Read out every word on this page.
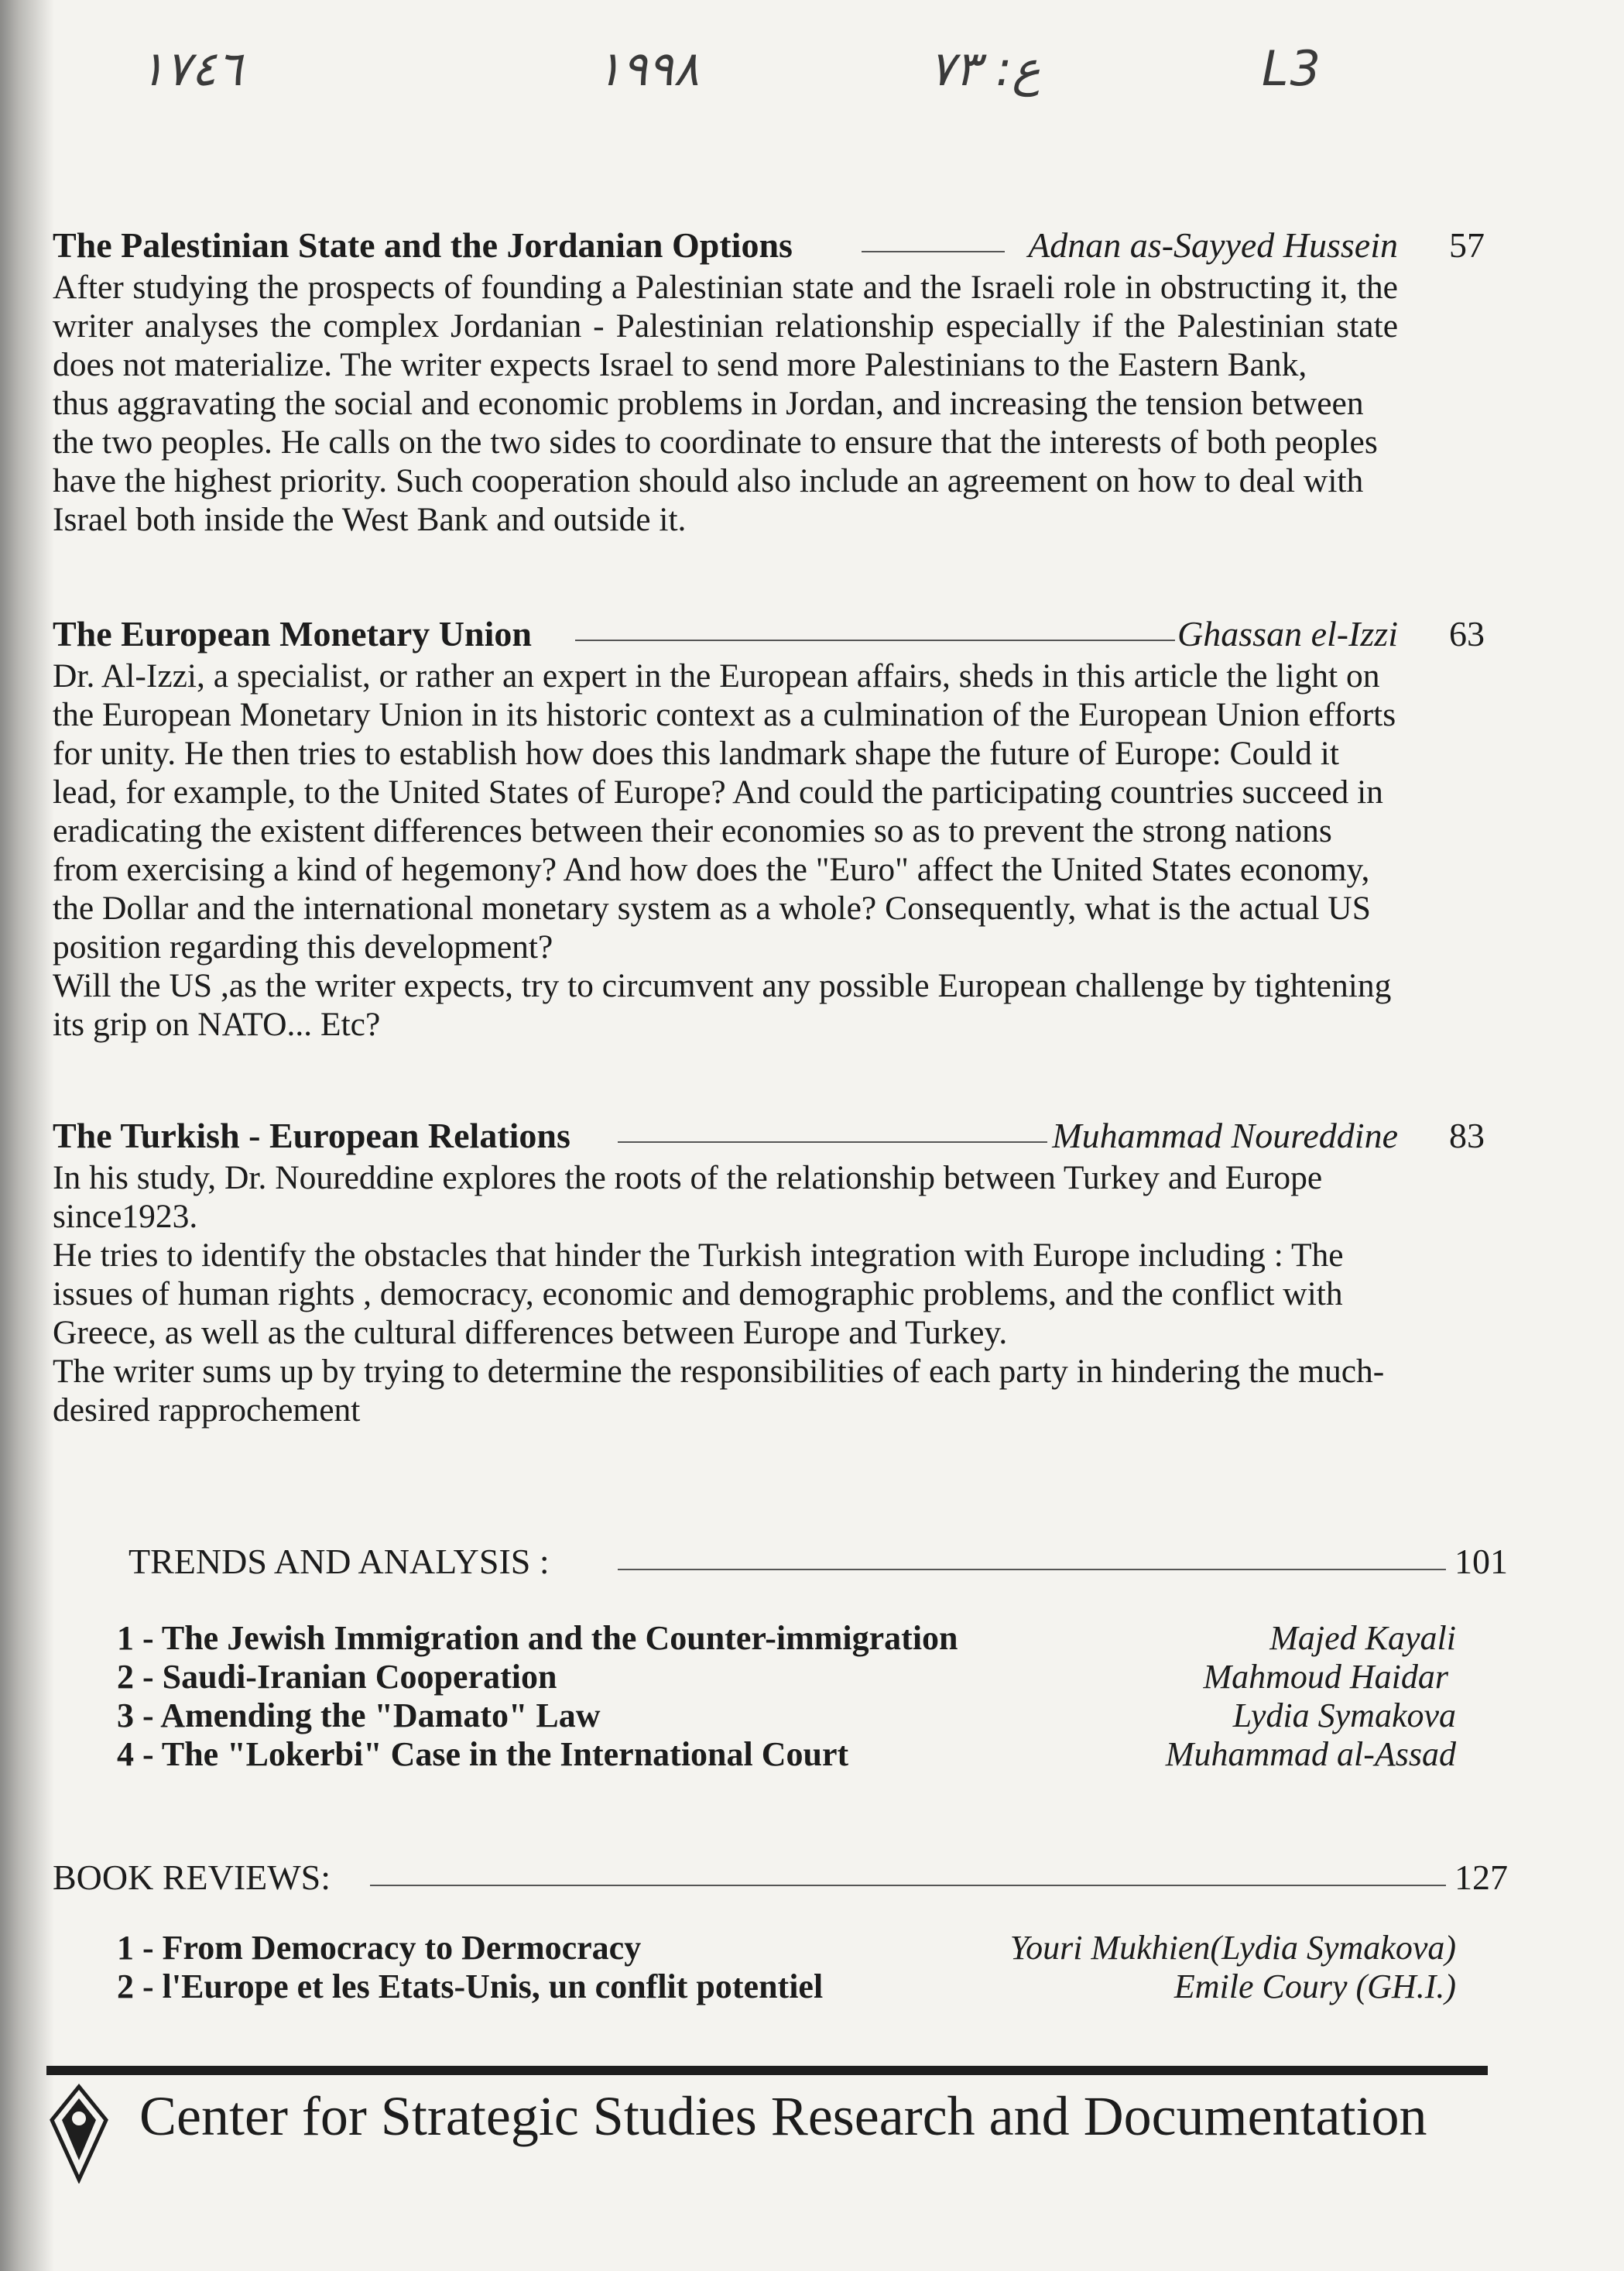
١٧٤٦	١٩٩٨	ع: ٧٣	L3
The Palestinian State and the Jordanian Options	Adnan as-Sayyed Hussein	57

After studying the prospects of founding a Palestinian state and the Israeli role in obstructing it, the writer analyses the complex Jordanian - Palestinian relationship especially if the Palestinian state does not materialize. The writer expects Israel to send more Palestinians to the Eastern Bank,

thus aggravating the social and economic problems in Jordan, and increasing the tension between the two peoples. He calls on the two sides to coordinate to ensure that the interests of both peoples have the highest priority. Such cooperation should also include an agreement on how to deal with Israel both inside the West Bank and outside it.

The European Monetary Union	Ghassan el-Izzi	63

Dr. Al-Izzi, a specialist, or rather an expert in the European affairs, sheds in this article the light on the European Monetary Union in its historic context as a culmination of the European Union efforts for unity. He then tries to establish how does this landmark shape the future of Europe: Could it lead, for example, to the United States of Europe? And could the participating countries succeed in eradicating the existent differences between their economies so as to prevent the strong nations from exercising a kind of hegemony? And how does the "Euro" affect the United States economy, the Dollar and the international monetary system as a whole? Consequently, what is the actual US position regarding this development?

Will the US ,as the writer expects, try to circumvent any possible European challenge by tightening its grip on NATO... Etc?

The Turkish - European Relations	Muhammad Noureddine	83

In his study, Dr. Noureddine explores the roots of the relationship between Turkey and Europe since1923.

He tries to identify the obstacles that hinder the Turkish integration with Europe including : The issues of human rights , democracy, economic and demographic problems, and the conflict with Greece, as well as the cultural differences between Europe and Turkey.

The writer sums up by trying to determine the responsibilities of each party in hindering the much-desired rapprochement

TRENDS AND ANALYSIS :	101
1 - The Jewish Immigration and the Counter-immigration	Majed Kayali
2 - Saudi-Iranian Cooperation	Mahmoud Haidar
3 - Amending the "Damato" Law	Lydia Symakova
4 - The "Lokerbi" Case in the International Court	Muhammad al-Assad
BOOK REVIEWS:	127
1 - From Democracy to Dermocracy	Youri Mukhien(Lydia Symakova)
2 - l'Europe et les Etats-Unis, un conflit potentiel	Emile Coury (GH.I.)
Center for Strategic Studies Research and Documentation
